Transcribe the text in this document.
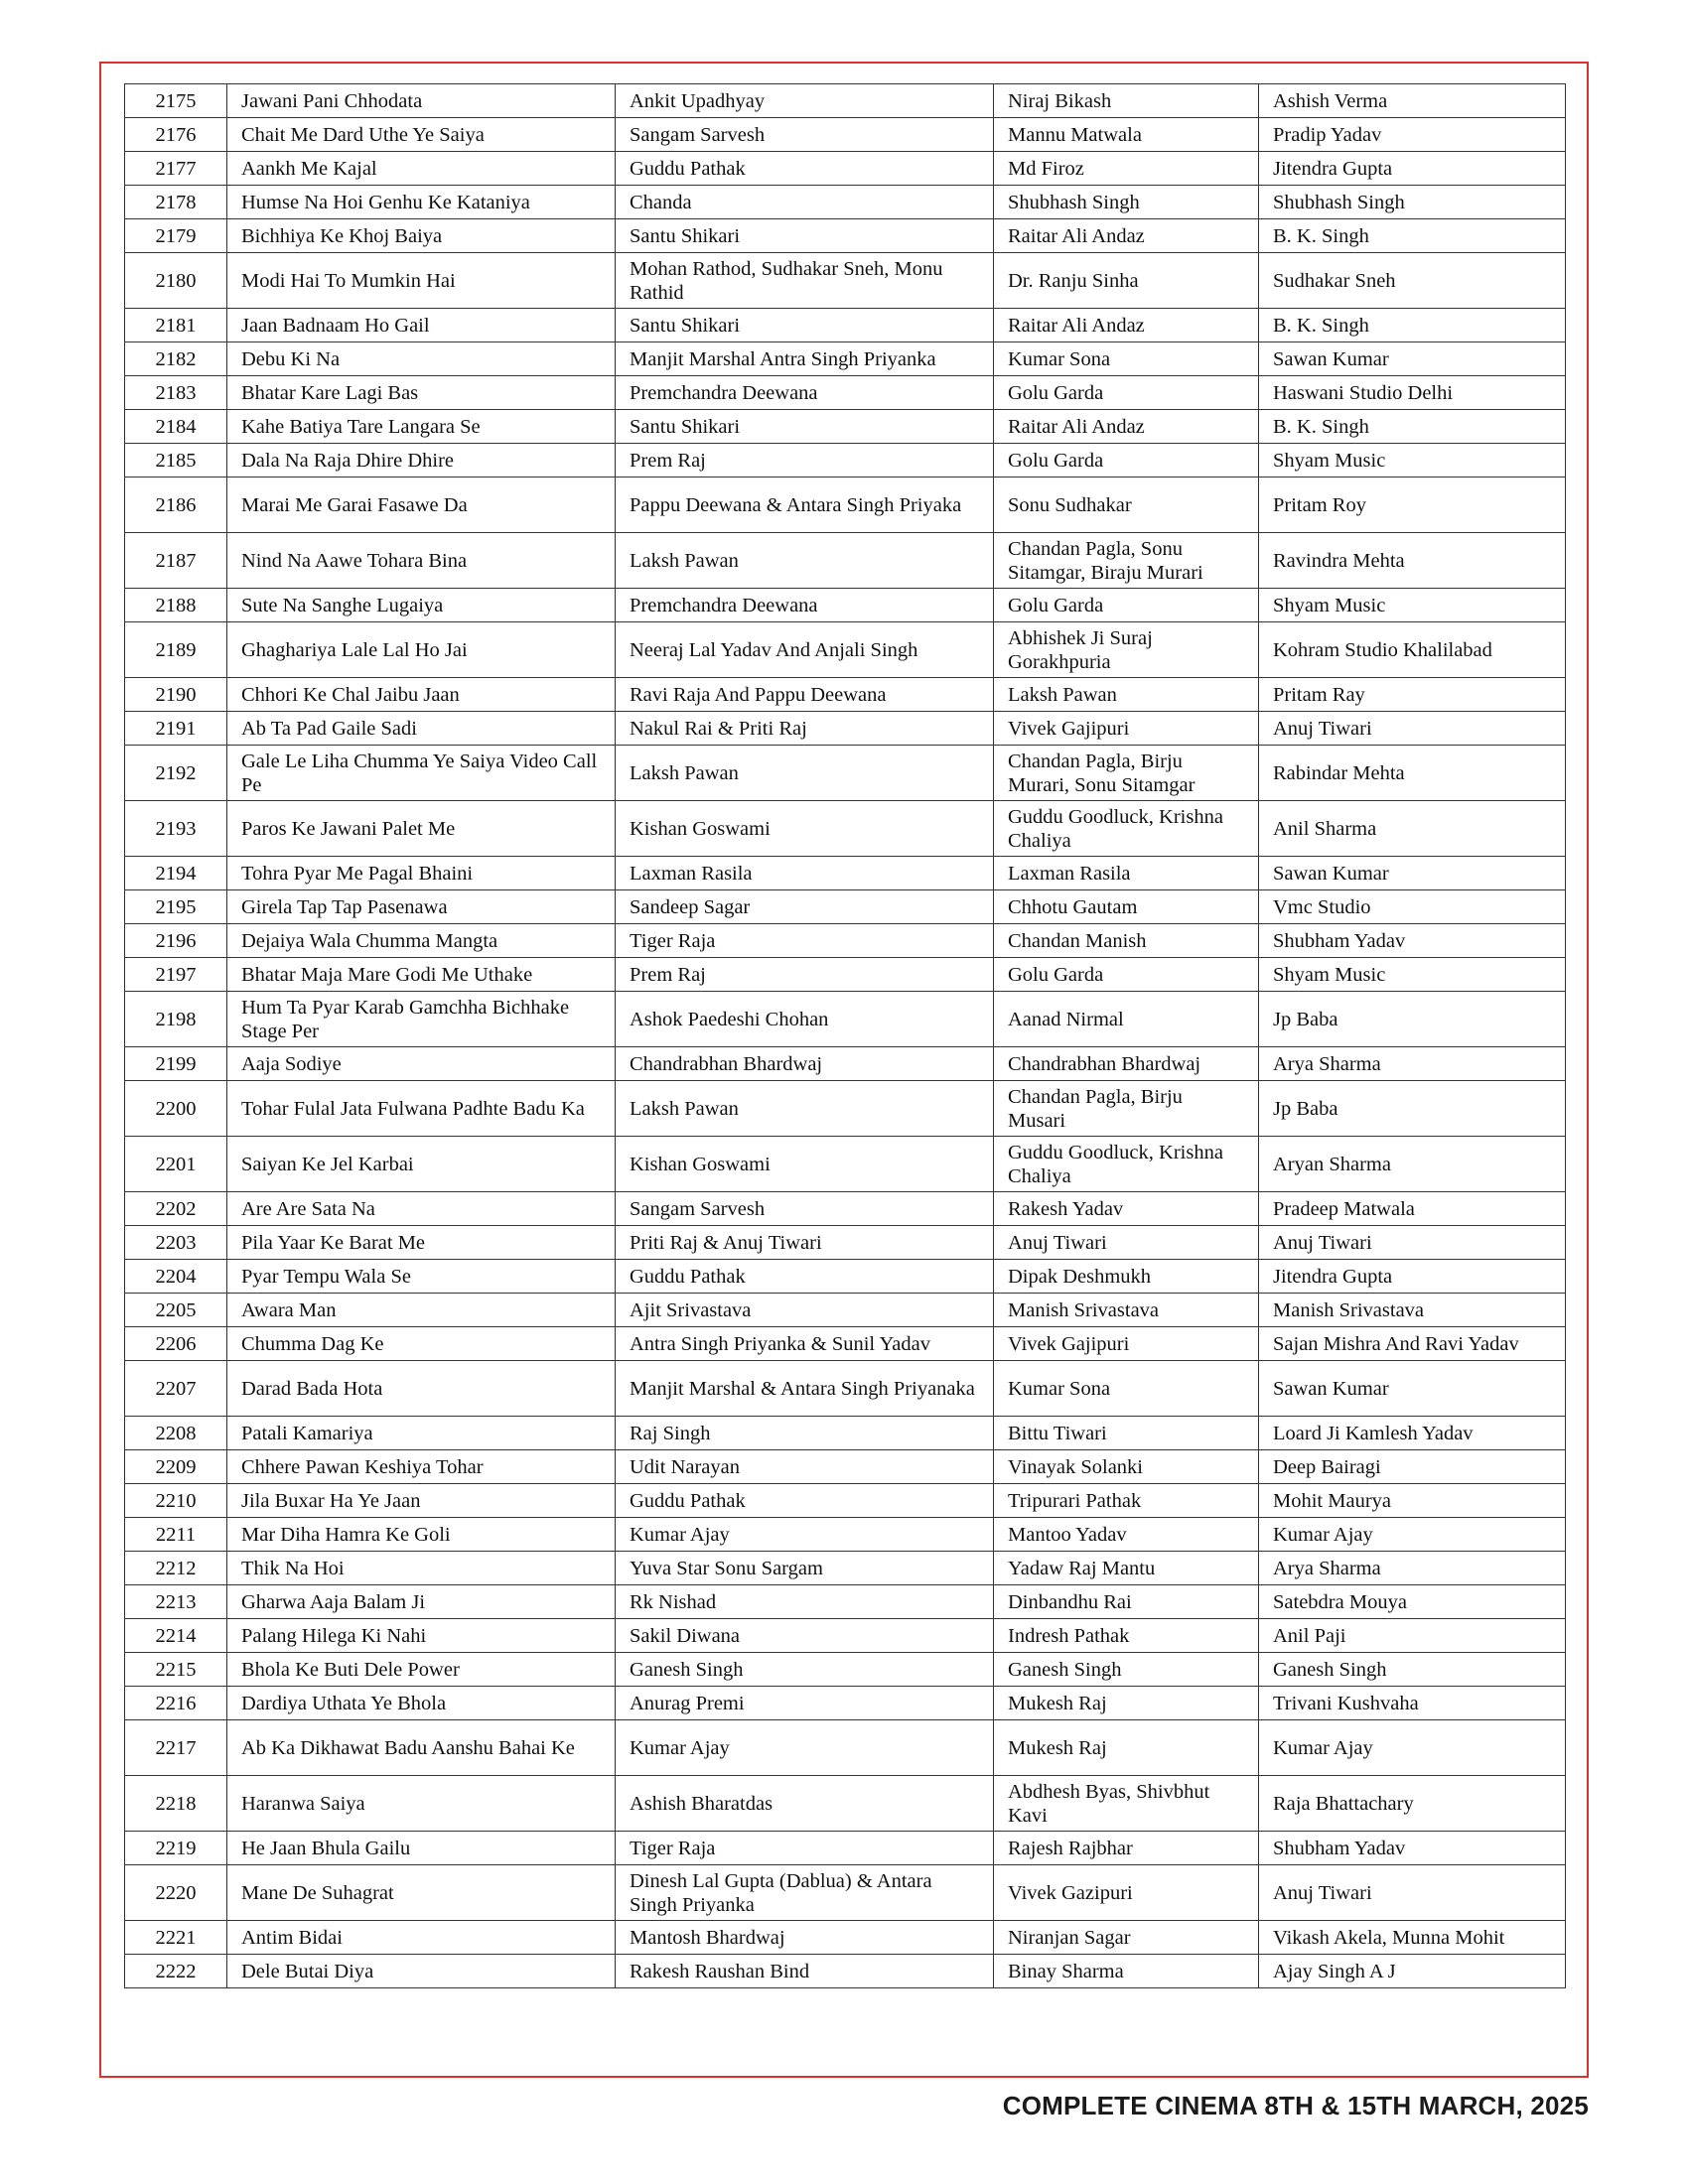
2175	Jawani Pani Chhodata	Ankit Upadhyay	Niraj Bikash	Ashish Verma
2176	Chait Me Dard Uthe Ye Saiya	Sangam Sarvesh	Mannu Matwala	Pradip Yadav
2177	Aankh Me Kajal	Guddu Pathak	Md Firoz	Jitendra Gupta
2178	Humse Na Hoi Genhu Ke Kataniya	Chanda	Shubhash Singh	Shubhash Singh
2179	Bichhiya Ke Khoj Baiya	Santu Shikari	Raitar Ali Andaz	B. K. Singh
2180	Modi Hai To Mumkin Hai	Mohan Rathod, Sudhakar Sneh, Monu Rathid	Dr. Ranju Sinha	Sudhakar Sneh
2181	Jaan Badnaam Ho Gail	Santu Shikari	Raitar Ali Andaz	B. K. Singh
2182	Debu Ki Na	Manjit Marshal Antra Singh Priyanka	Kumar Sona	Sawan Kumar
2183	Bhatar Kare Lagi Bas	Premchandra Deewana	Golu Garda	Haswani Studio Delhi
2184	Kahe Batiya Tare Langara Se	Santu Shikari	Raitar Ali Andaz	B. K. Singh
2185	Dala Na Raja Dhire Dhire	Prem Raj	Golu Garda	Shyam Music
2186	Marai Me Garai Fasawe Da	Pappu Deewana & Antara Singh Priyaka	Sonu Sudhakar	Pritam Roy
2187	Nind Na Aawe Tohara Bina	Laksh Pawan	Chandan Pagla, Sonu Sitamgar, Biraju Murari	Ravindra Mehta
2188	Sute Na Sanghe Lugaiya	Premchandra Deewana	Golu Garda	Shyam Music
2189	Ghaghariya Lale Lal Ho Jai	Neeraj Lal Yadav And Anjali Singh	Abhishek Ji Suraj Gorakhpuria	Kohram Studio Khalilabad
2190	Chhori Ke Chal Jaibu Jaan	Ravi Raja And Pappu Deewana	Laksh Pawan	Pritam Ray
2191	Ab Ta Pad Gaile Sadi	Nakul Rai & Priti Raj	Vivek Gajipuri	Anuj Tiwari
2192	Gale Le Liha Chumma Ye Saiya Video Call Pe	Laksh Pawan	Chandan Pagla, Birju Murari, Sonu Sitamgar	Rabindar Mehta
2193	Paros Ke Jawani Palet Me	Kishan Goswami	Guddu Goodluck, Krishna Chaliya	Anil Sharma
2194	Tohra Pyar Me Pagal Bhaini	Laxman Rasila	Laxman Rasila	Sawan Kumar
2195	Girela Tap Tap Pasenawa	Sandeep Sagar	Chhotu Gautam	Vmc Studio
2196	Dejaiya Wala Chumma Mangta	Tiger Raja	Chandan Manish	Shubham Yadav
2197	Bhatar Maja Mare Godi Me Uthake	Prem Raj	Golu Garda	Shyam Music
2198	Hum Ta Pyar Karab Gamchha Bichhake Stage Per	Ashok Paedeshi Chohan	Aanad Nirmal	Jp Baba
2199	Aaja Sodiye	Chandrabhan Bhardwaj	Chandrabhan Bhardwaj	Arya Sharma
2200	Tohar Fulal Jata Fulwana Padhte Badu Ka	Laksh Pawan	Chandan Pagla, Birju Musari	Jp Baba
2201	Saiyan Ke Jel Karbai	Kishan Goswami	Guddu Goodluck, Krishna Chaliya	Aryan Sharma
2202	Are Are Sata Na	Sangam Sarvesh	Rakesh Yadav	Pradeep Matwala
2203	Pila Yaar Ke Barat Me	Priti Raj & Anuj Tiwari	Anuj Tiwari	Anuj Tiwari
2204	Pyar Tempu Wala Se	Guddu Pathak	Dipak Deshmukh	Jitendra Gupta
2205	Awara Man	Ajit Srivastava	Manish Srivastava	Manish Srivastava
2206	Chumma Dag Ke	Antra Singh Priyanka & Sunil Yadav	Vivek Gajipuri	Sajan Mishra And Ravi Yadav
2207	Darad Bada Hota	Manjit Marshal & Antara Singh Priyanaka	Kumar Sona	Sawan Kumar
2208	Patali Kamariya	Raj Singh	Bittu Tiwari	Loard Ji Kamlesh Yadav
2209	Chhere Pawan Keshiya Tohar	Udit Narayan	Vinayak Solanki	Deep Bairagi
2210	Jila Buxar Ha Ye Jaan	Guddu Pathak	Tripurari Pathak	Mohit Maurya
2211	Mar Diha Hamra Ke Goli	Kumar Ajay	Mantoo Yadav	Kumar Ajay
2212	Thik Na Hoi	Yuva Star Sonu Sargam	Yadaw Raj Mantu	Arya Sharma
2213	Gharwa Aaja Balam Ji	Rk Nishad	Dinbandhu Rai	Satebdra Mouya
2214	Palang Hilega Ki Nahi	Sakil Diwana	Indresh Pathak	Anil Paji
2215	Bhola Ke Buti Dele Power	Ganesh Singh	Ganesh Singh	Ganesh Singh
2216	Dardiya Uthata Ye Bhola	Anurag Premi	Mukesh Raj	Trivani Kushvaha
2217	Ab Ka Dikhawat Badu Aanshu Bahai Ke	Kumar Ajay	Mukesh Raj	Kumar Ajay
2218	Haranwa Saiya	Ashish Bharatdas	Abdhesh Byas, Shivbhut Kavi	Raja Bhattachary
2219	He Jaan Bhula Gailu	Tiger Raja	Rajesh Rajbhar	Shubham Yadav
2220	Mane De Suhagrat	Dinesh Lal Gupta (Dablua) & Antara Singh Priyanka	Vivek Gazipuri	Anuj Tiwari
2221	Antim Bidai	Mantosh Bhardwaj	Niranjan Sagar	Vikash Akela, Munna Mohit
2222	Dele Butai Diya	Rakesh Raushan Bind	Binay Sharma	Ajay Singh A J
COMPLETE CINEMA 8TH & 15TH MARCH, 2025
